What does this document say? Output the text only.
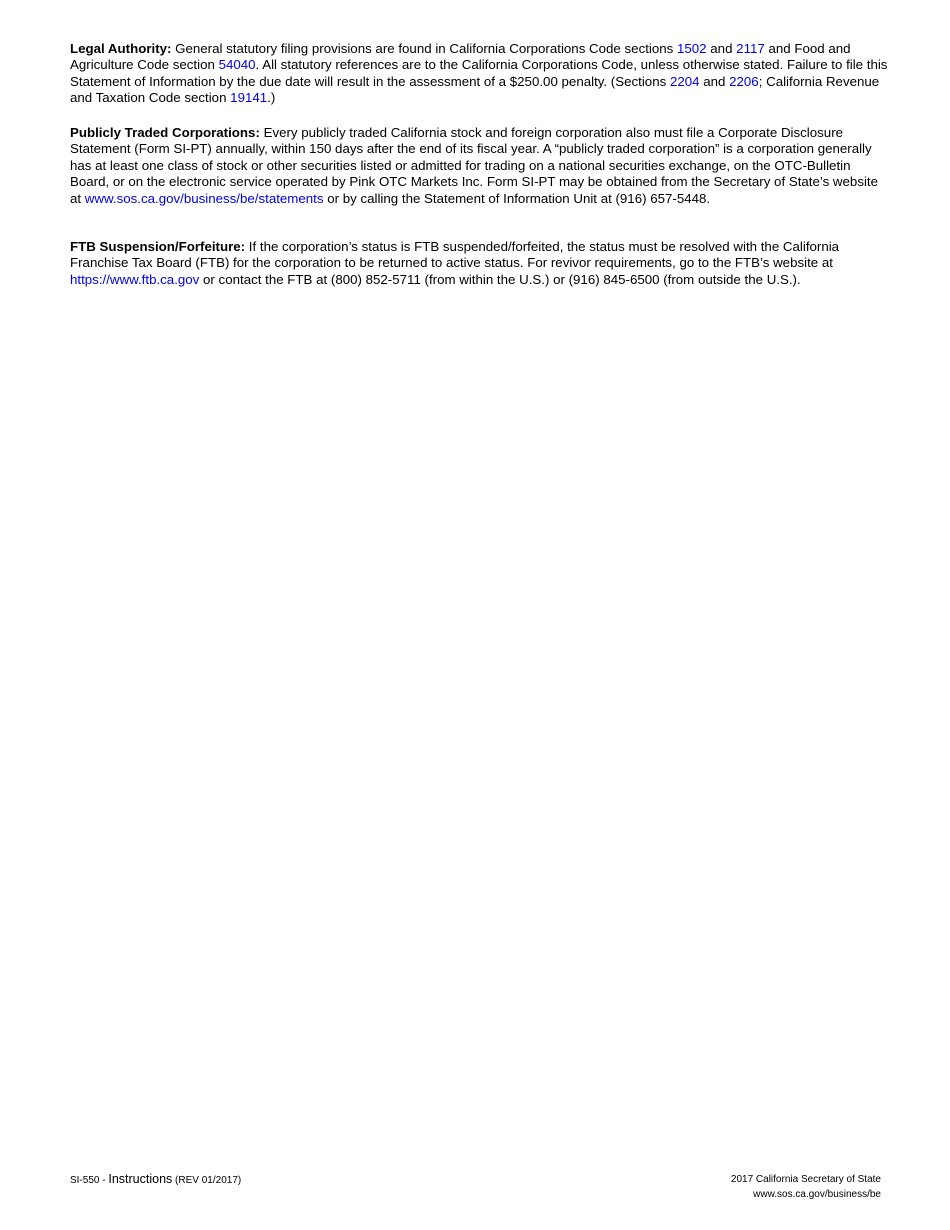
Legal Authority: General statutory filing provisions are found in California Corporations Code sections 1502 and 2117 and Food and Agriculture Code section 54040. All statutory references are to the California Corporations Code, unless otherwise stated. Failure to file this Statement of Information by the due date will result in the assessment of a $250.00 penalty. (Sections 2204 and 2206; California Revenue and Taxation Code section 19141.)
Publicly Traded Corporations: Every publicly traded California stock and foreign corporation also must file a Corporate Disclosure Statement (Form SI-PT) annually, within 150 days after the end of its fiscal year. A “publicly traded corporation” is a corporation generally has at least one class of stock or other securities listed or admitted for trading on a national securities exchange, on the OTC-Bulletin Board, or on the electronic service operated by Pink OTC Markets Inc. Form SI-PT may be obtained from the Secretary of State’s website at www.sos.ca.gov/business/be/statements or by calling the Statement of Information Unit at (916) 657-5448.
FTB Suspension/Forfeiture: If the corporation’s status is FTB suspended/forfeited, the status must be resolved with the California Franchise Tax Board (FTB) for the corporation to be returned to active status. For revivor requirements, go to the FTB’s website at https://www.ftb.ca.gov or contact the FTB at (800) 852-5711 (from within the U.S.) or (916) 845-6500 (from outside the U.S.).
SI-550 - Instructions (REV 01/2017)	2017 California Secretary of State
www.sos.ca.gov/business/be
